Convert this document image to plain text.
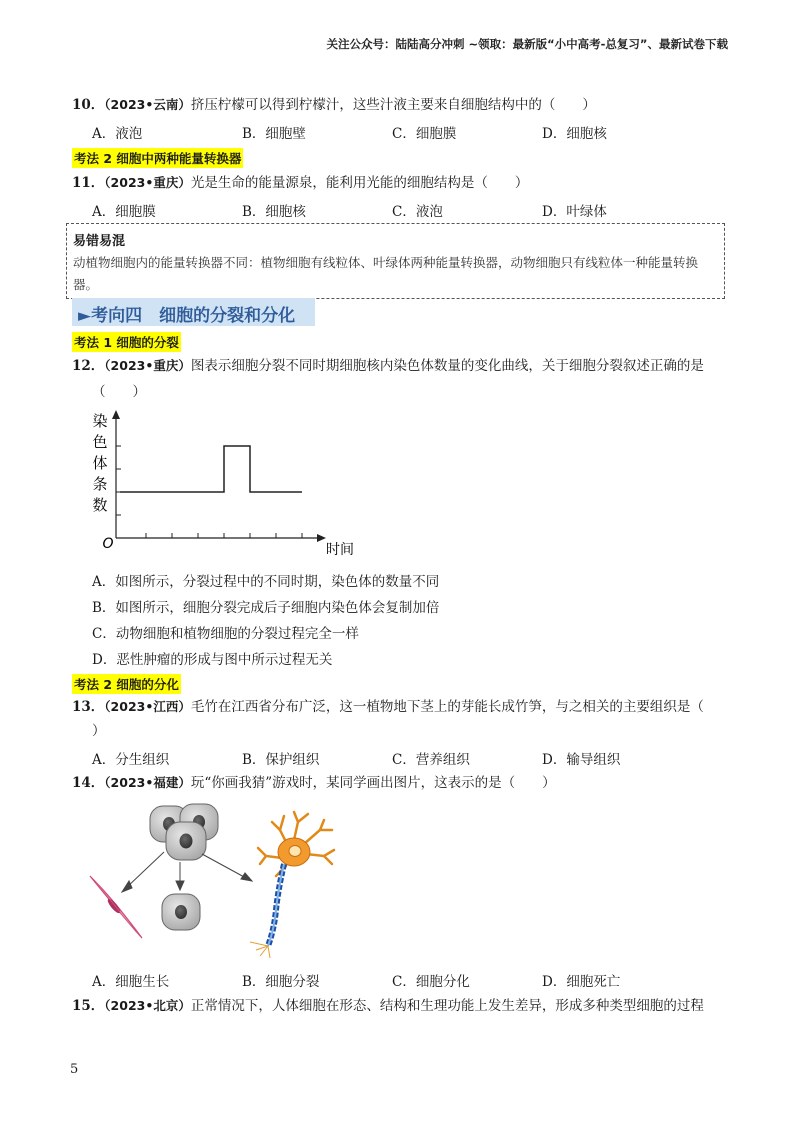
关注公众号：陆陆高分冲刺 ~领取：最新版“小中高考-总复习”、最新试卷下载
10．（2023•云南）挤压柠檬可以得到柠檬汁，这些汁液主要来自细胞结构中的（　　）
A．液泡	B．细胞壁	C．细胞膜	D．细胞核
考法 2 细胞中两种能量转换器
11．（2023•重庆）光是生命的能量源泉，能利用光能的细胞结构是（　　）
A．细胞膜	B．细胞核	C．液泡	D．叶绿体
易错易混
动植物细胞内的能量转换器不同：植物细胞有线粒体、叶绿体两种能量转换器，动物细胞只有线粒体一种能量转换器。
►考向四　细胞的分裂和分化
考法 1 细胞的分裂
12．（2023•重庆）图表示细胞分裂不同时期细胞核内染色体数量的变化曲线，关于细胞分裂叙述正确的是
（　　）
染
色
体
条
数
O	时间
A．如图所示，分裂过程中的不同时期，染色体的数量不同
B．如图所示，细胞分裂完成后子细胞内染色体会复制加倍
C．动物细胞和植物细胞的分裂过程完全一样
D．恶性肿瘤的形成与图中所示过程无关
考法 2 细胞的分化
13．（2023•江西）毛竹在江西省分布广泛，这一植物地下茎上的芽能长成竹笋，与之相关的主要组织是（
）
A．分生组织	B．保护组织	C．营养组织	D．输导组织
14．（2023•福建）玩“你画我猜”游戏时，某同学画出图片，这表示的是（　　）
A．细胞生长	B．细胞分裂	C．细胞分化	D．细胞死亡
15．（2023•北京）正常情况下，人体细胞在形态、结构和生理功能上发生差异，形成多种类型细胞的过程
5
